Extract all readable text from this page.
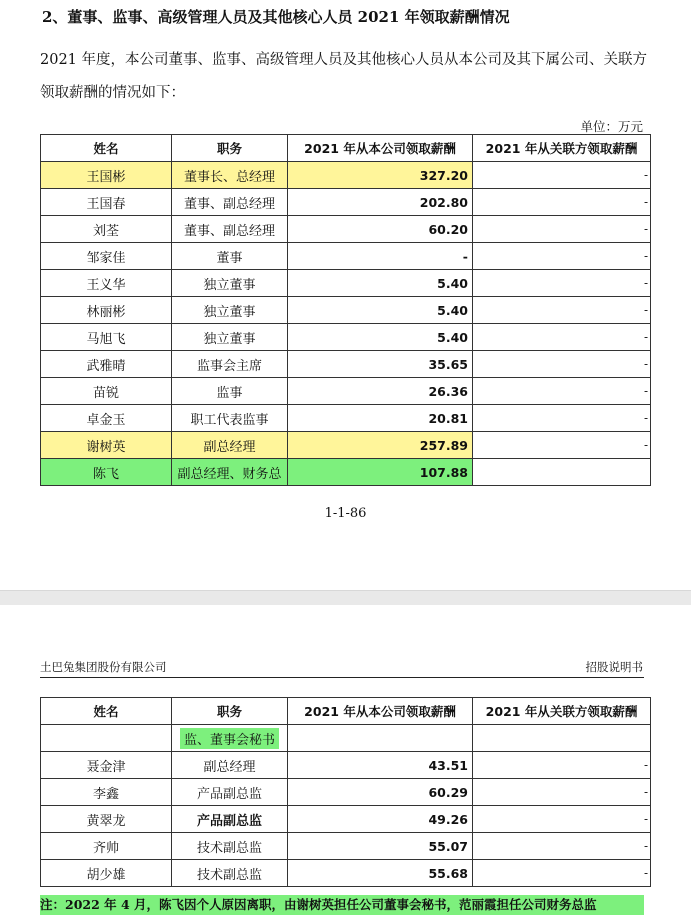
2、董事、监事、高级管理人员及其他核心人员 2021 年领取薪酬情况
2021 年度，本公司董事、监事、高级管理人员及其他核心人员从本公司及其下属公司、关联方领取薪酬的情况如下：
单位：万元
姓名	职务	2021 年从本公司领取薪酬	2021 年从关联方领取薪酬
王国彬	董事长、总经理	327.20	-
王国春	董事、副总经理	202.80	-
刘荃	董事、副总经理	60.20	-
邹家佳	董事	-	-
王义华	独立董事	5.40	-
林丽彬	独立董事	5.40	-
马旭飞	独立董事	5.40	-
武雅晴	监事会主席	35.65	-
苗锐	监事	26.36	-
卓金玉	职工代表监事	20.81	-
谢树英	副总经理	257.89	-
陈飞	副总经理、财务总	107.88	
1-1-86
土巴兔集团股份有限公司	招股说明书
姓名	职务	2021 年从本公司领取薪酬	2021 年从关联方领取薪酬
	监、董事会秘书		
聂金津	副总经理	43.51	-
李鑫	产品副总监	60.29	-
黄翠龙	产品副总监	49.26	-
齐帅	技术副总监	55.07	-
胡少雄	技术副总监	55.68	-
注：2022 年 4 月，陈飞因个人原因离职，由谢树英担任公司董事会秘书，范丽霞担任公司财务总监
